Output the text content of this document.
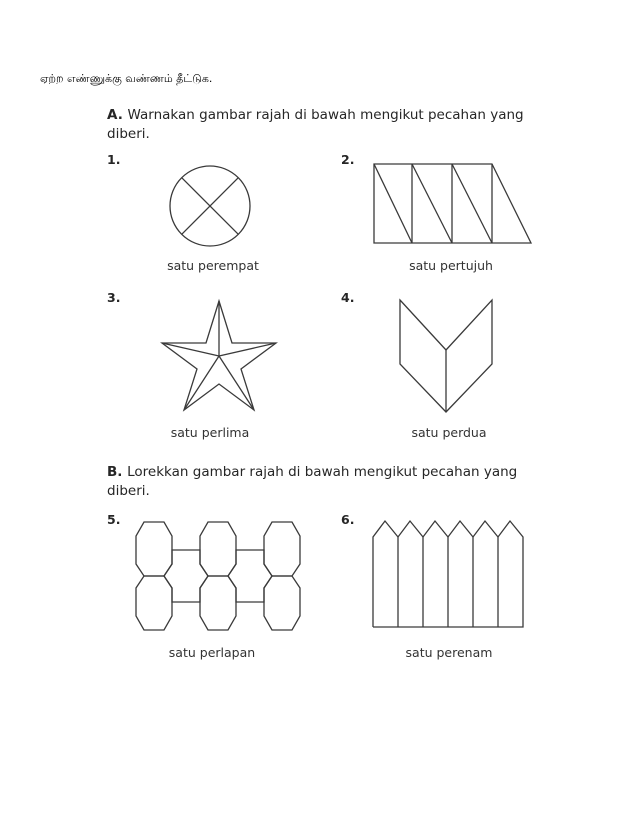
ஏற்ற எண்ணுக்கு வண்ணம் தீட்டுக.
A. Warnakan gambar rajah di bawah mengikut pecahan yang
diberi.
1.	2.
3.	4.
satu perempat	satu pertujuh
satu perlima	satu perdua
B. Lorekkan gambar rajah di bawah mengikut pecahan yang
diberi.
5.	6.
satu perlapan	satu perenam
